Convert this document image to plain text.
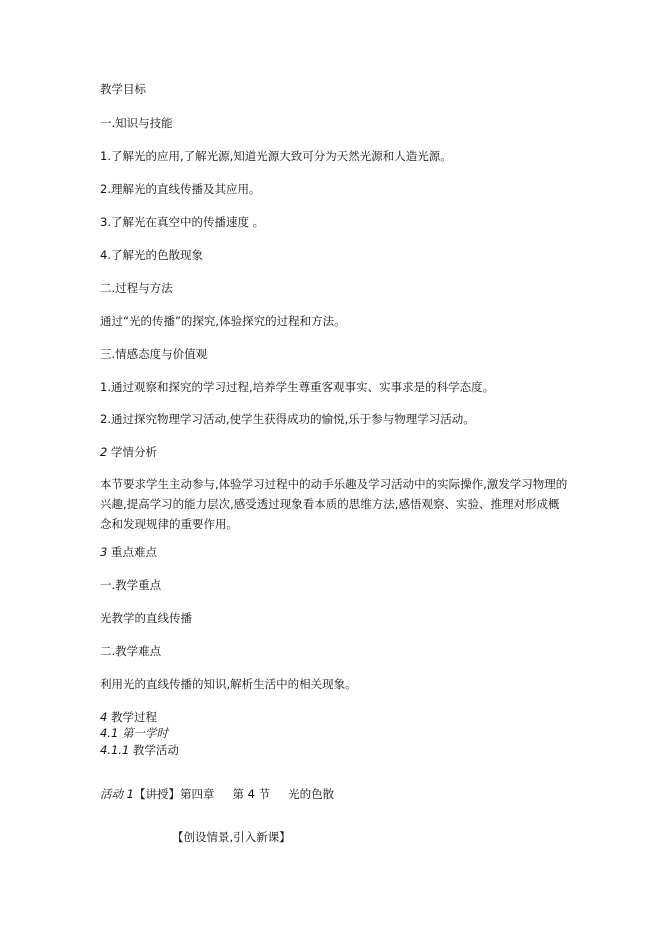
教学目标
一.知识与技能
1.了解光的应用,了解光源,知道光源大致可分为天然光源和人造光源。
2.理解光的直线传播及其应用。
3.了解光在真空中的传播速度 。
4.了解光的色散现象
二.过程与方法
通过“光的传播”的探究,体验探究的过程和方法。
三.情感态度与价值观
1.通过观察和探究的学习过程,培养学生尊重客观事实、实事求是的科学态度。
2.通过探究物理学习活动,使学生获得成功的愉悦,乐于参与物理学习活动。
2 学情分析
本节要求学生主动参与,体验学习过程中的动手乐趣及学习活动中的实际操作,激发学习物理的兴趣,提高学习的能力层次,感受透过现象看本质的思维方法,感悟观察、实验、推理对形成概念和发现规律的重要作用。
3 重点难点
一.教学重点
光教学的直线传播
二.教学难点
利用光的直线传播的知识,解析生活中的相关现象。
4 教学过程
4.1 第一学时
4.1.1 教学活动
活动 1【讲授】第四章 第 4 节 光的色散
【创设情景,引入新课】
